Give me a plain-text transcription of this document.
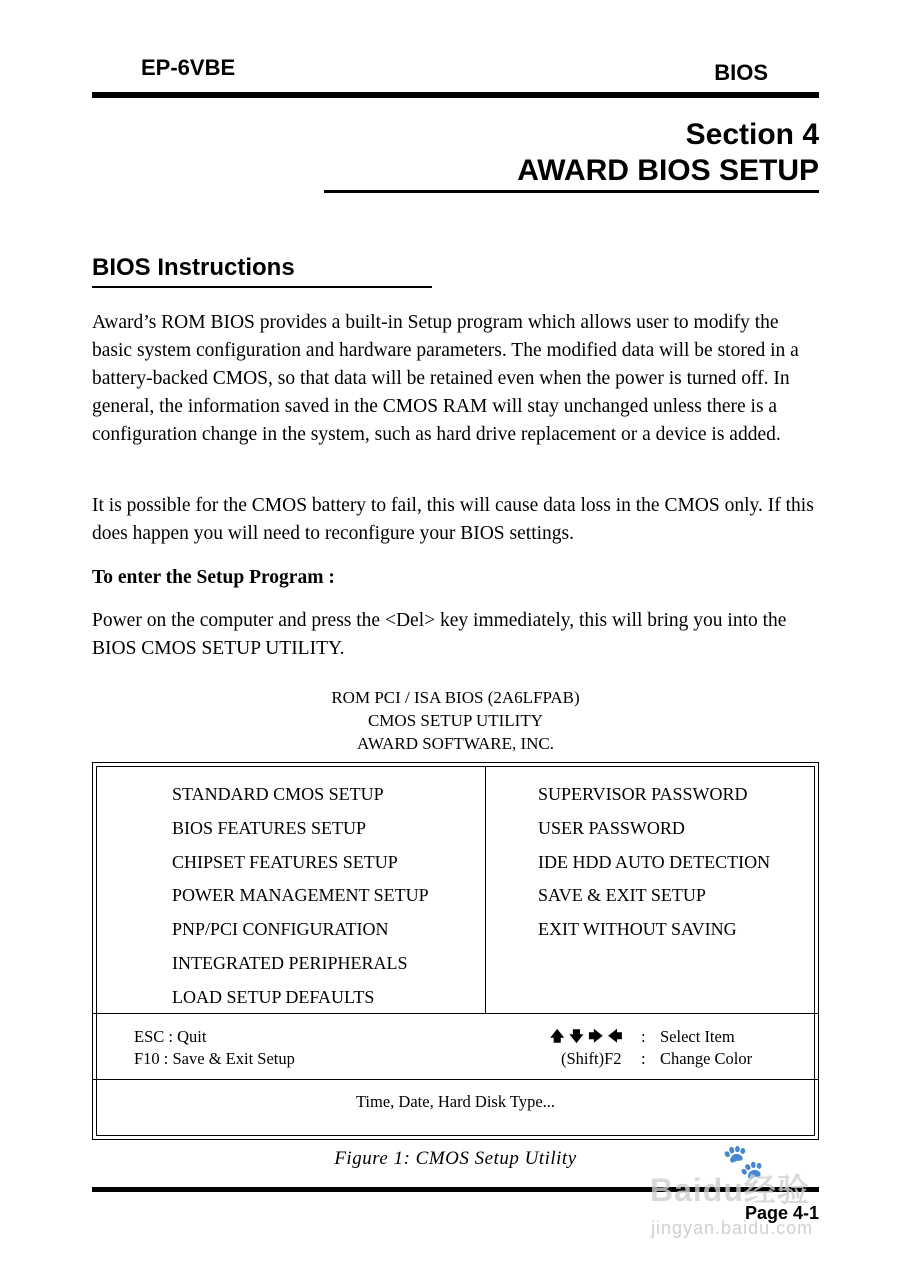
EP-6VBE	BIOS
Section 4
AWARD BIOS SETUP
BIOS Instructions
Award’s ROM BIOS provides a built-in Setup program which allows user to modify the basic system configuration and hardware parameters. The modified data will be stored in a battery-backed CMOS, so that data will be retained even when the power is turned off. In general, the information saved in the CMOS RAM will stay unchanged unless there is a configuration change in the system, such as hard drive replacement or a device is added.
It is possible for the CMOS battery to fail, this will cause data loss in the CMOS only. If this does happen you will need to reconfigure your BIOS settings.
To enter the Setup Program :
Power on the computer and press the <Del> key immediately, this will bring you into the BIOS CMOS SETUP UTILITY.
ROM PCI / ISA BIOS (2A6LFPAB)
CMOS SETUP UTILITY
AWARD SOFTWARE, INC.
STANDARD CMOS SETUP
BIOS FEATURES SETUP
CHIPSET FEATURES SETUP
POWER MANAGEMENT SETUP
PNP/PCI CONFIGURATION
INTEGRATED PERIPHERALS
LOAD SETUP DEFAULTS
SUPERVISOR PASSWORD
USER PASSWORD
IDE HDD AUTO DETECTION
SAVE & EXIT SETUP
EXIT WITHOUT SAVING
ESC : Quit
F10 : Save & Exit Setup
🡅 🡇 🡆 🡄
(Shift)F2
:
:
Select Item
Change Color
Time, Date, Hard Disk Type...
Figure 1: CMOS Setup Utility
Page 4-1
🐾
Baidu经验
jingyan.baidu.com
